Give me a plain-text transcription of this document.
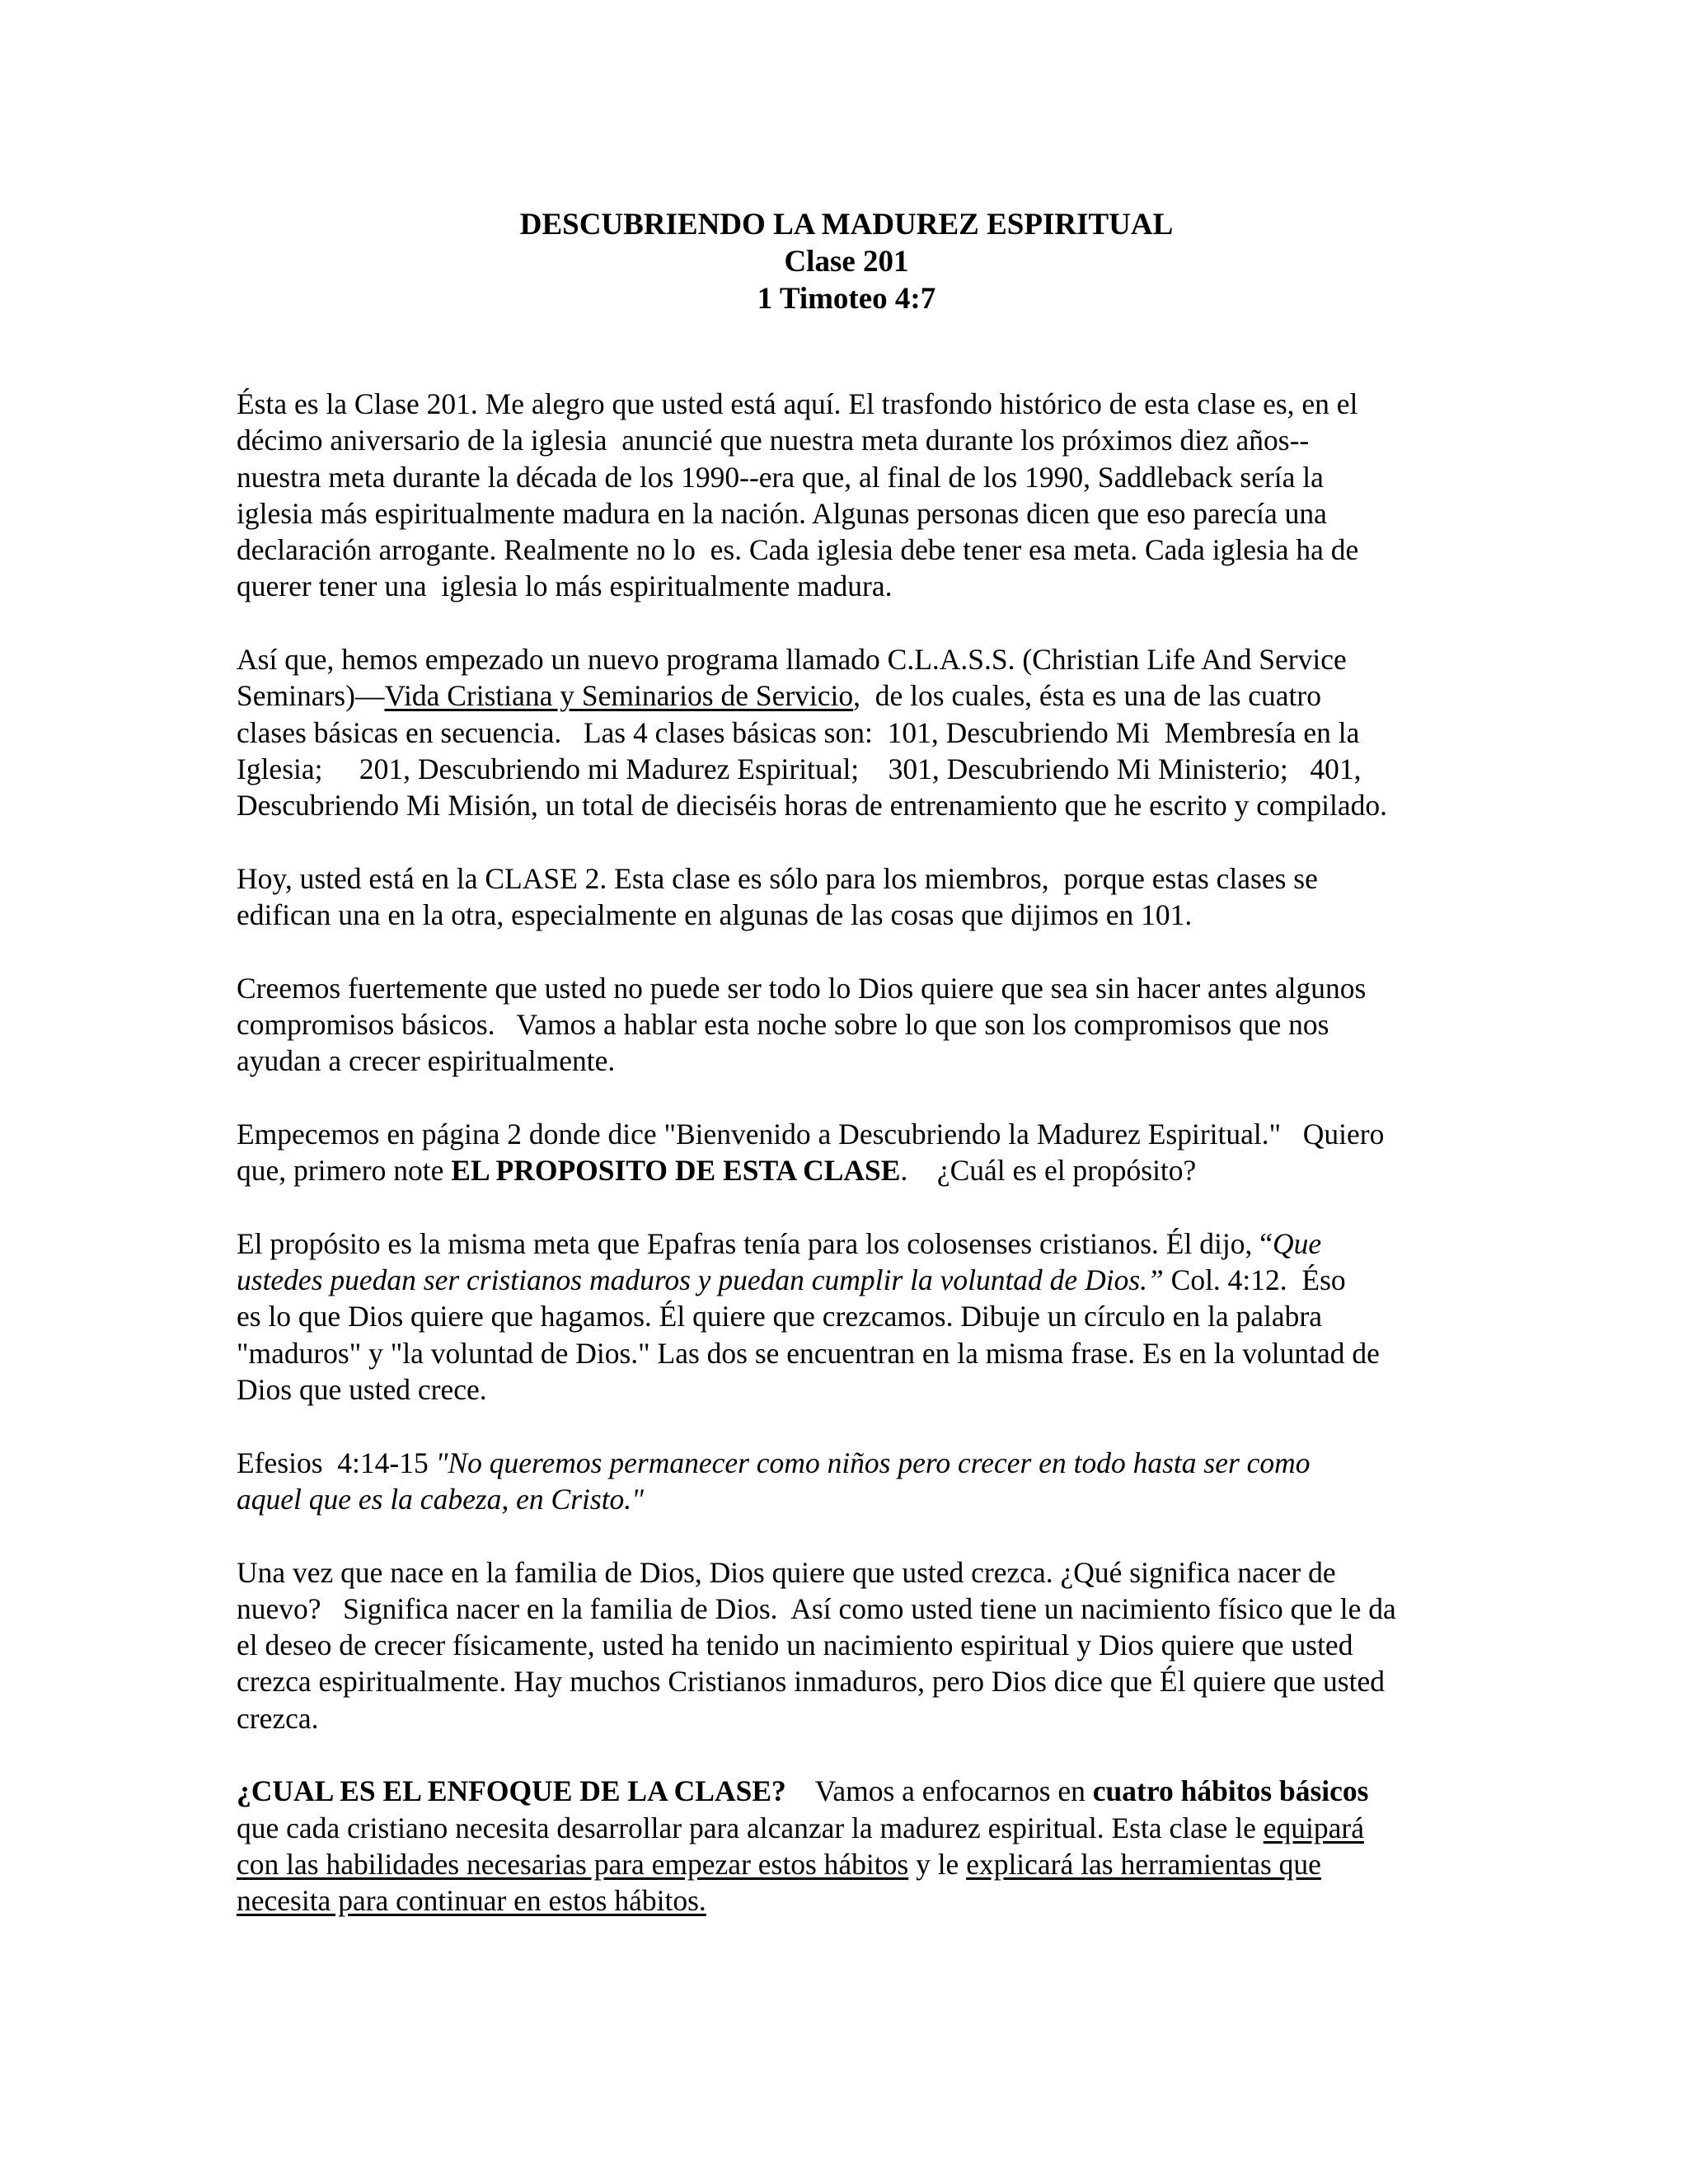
DESCUBRIENDO LA MADUREZ ESPIRITUAL
Clase 201
1 Timoteo 4:7
Ésta es la Clase 201. Me alegro que usted está aquí. El trasfondo histórico de esta clase es, en el
décimo aniversario de la iglesia  anuncié que nuestra meta durante los próximos diez años--
nuestra meta durante la década de los 1990--era que, al final de los 1990, Saddleback sería la
iglesia más espiritualmente madura en la nación. Algunas personas dicen que eso parecía una
declaración arrogante. Realmente no lo  es. Cada iglesia debe tener esa meta. Cada iglesia ha de
querer tener una  iglesia lo más espiritualmente madura.
Así que, hemos empezado un nuevo programa llamado C.L.A.S.S. (Christian Life And Service
Seminars)—Vida Cristiana y Seminarios de Servicio,  de los cuales, ésta es una de las cuatro
clases básicas en secuencia.   Las 4 clases básicas son:  101, Descubriendo Mi  Membresía en la
Iglesia;     201, Descubriendo mi Madurez Espiritual;    301, Descubriendo Mi Ministerio;   401,
Descubriendo Mi Misión, un total de dieciséis horas de entrenamiento que he escrito y compilado.
Hoy, usted está en la CLASE 2. Esta clase es sólo para los miembros,  porque estas clases se
edifican una en la otra, especialmente en algunas de las cosas que dijimos en 101.
Creemos fuertemente que usted no puede ser todo lo Dios quiere que sea sin hacer antes algunos
compromisos básicos.   Vamos a hablar esta noche sobre lo que son los compromisos que nos
ayudan a crecer espiritualmente.
Empecemos en página 2 donde dice "Bienvenido a Descubriendo la Madurez Espiritual."   Quiero
que, primero note EL PROPOSITO DE ESTA CLASE.    ¿Cuál es el propósito?
El propósito es la misma meta que Epafras tenía para los colosenses cristianos. Él dijo, “Que
ustedes puedan ser cristianos maduros y puedan cumplir la voluntad de Dios.” Col. 4:12.  Éso
es lo que Dios quiere que hagamos. Él quiere que crezcamos. Dibuje un círculo en la palabra
"maduros" y "la voluntad de Dios." Las dos se encuentran en la misma frase. Es en la voluntad de
Dios que usted crece.
Efesios  4:14-15 "No queremos permanecer como niños pero crecer en todo hasta ser como
aquel que es la cabeza, en Cristo."
Una vez que nace en la familia de Dios, Dios quiere que usted crezca. ¿Qué significa nacer de
nuevo?   Significa nacer en la familia de Dios.  Así como usted tiene un nacimiento físico que le da
el deseo de crecer físicamente, usted ha tenido un nacimiento espiritual y Dios quiere que usted
crezca espiritualmente. Hay muchos Cristianos inmaduros, pero Dios dice que Él quiere que usted
crezca.
¿CUAL ES EL ENFOQUE DE LA CLASE?    Vamos a enfocarnos en cuatro hábitos básicos
que cada cristiano necesita desarrollar para alcanzar la madurez espiritual. Esta clase le equipará
con las habilidades necesarias para empezar estos hábitos y le explicará las herramientas que
necesita para continuar en estos hábitos.
